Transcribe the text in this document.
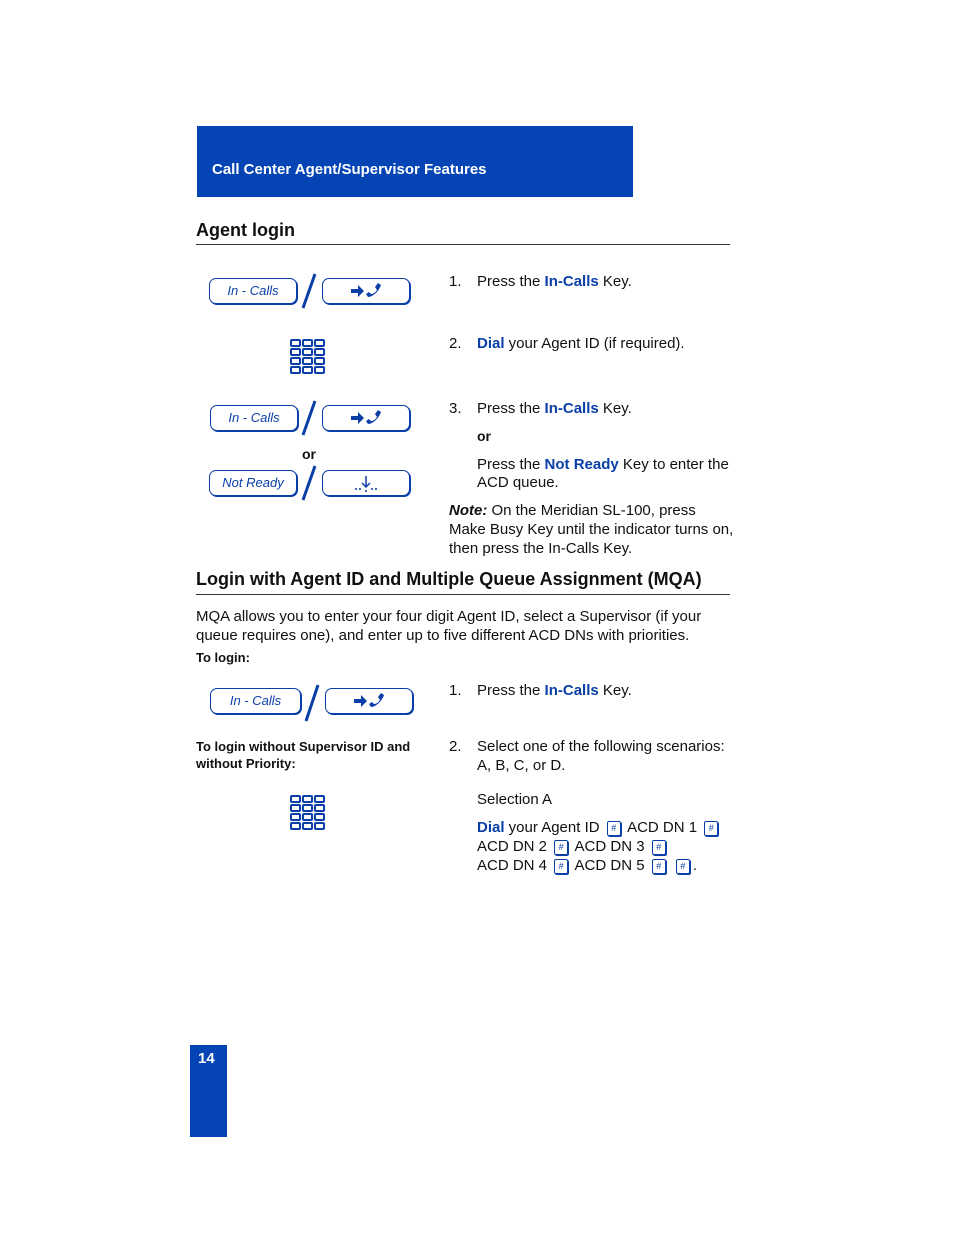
Call Center Agent/Supervisor Features
Agent login
In - Calls
In - Calls
or
Not Ready
1. Press the In-Calls Key.
2. Dial your Agent ID (if required).
3. Press the In-Calls Key.
or
Press the Not Ready Key to enter the
ACD queue.
Note: On the Meridian SL-100, press
Make Busy Key until the indicator turns on,
then press the In-Calls Key.
Login with Agent ID and Multiple Queue Assignment (MQA)
MQA allows you to enter your four digit Agent ID, select a Supervisor (if your
queue requires one), and enter up to five different ACD DNs with priorities.
To login:
In - Calls
To login without Supervisor ID and
without Priority:
1. Press the In-Calls Key.
2. Select one of the following scenarios:
A, B, C, or D.
Selection A
Dial your Agent ID # ACD DN 1 #
ACD DN 2 # ACD DN 3 #
ACD DN 4 # ACD DN 5 # # .
14
